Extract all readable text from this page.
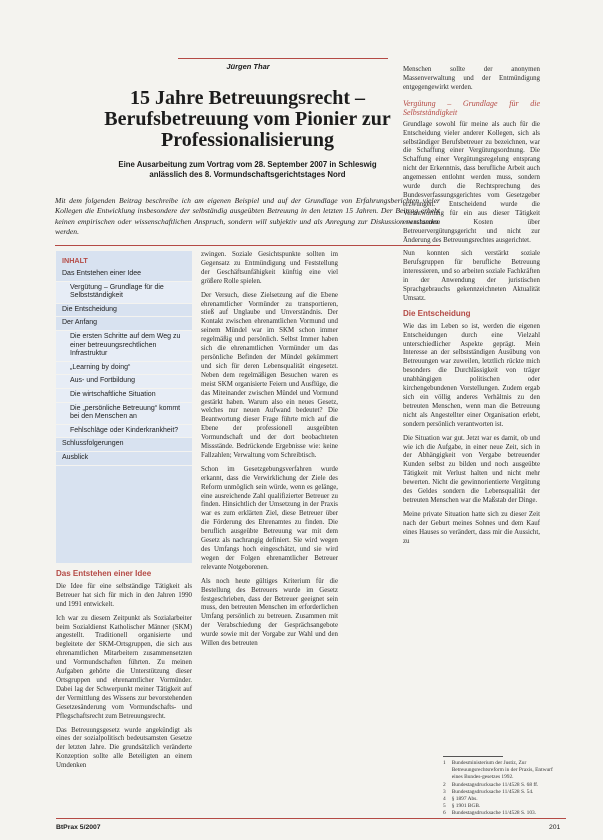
Jürgen Thar
15 Jahre Betreuungsrecht –
Berufsbetreuung vom Pionier zur
Professionalisierung
Eine Ausarbeitung zum Vortrag vom 28. September 2007 in Schleswig
anlässlich des 8. Vormundschaftsgerichtstages Nord
Mit dem folgenden Beitrag beschreibe ich am eigenen Beispiel und auf der Grundlage von Erfahrungsberichten vieler Kollegen die Entwicklung insbesondere der selbständig ausgeübten Betreuung in den letzten 15 Jahren. Der Beitrag erhebt keinen empirischen oder wissenschaftlichen Anspruch, sondern will subjektiv und als Anregung zur Diskussion verstanden werden.
INHALT
Das Entstehen einer Idee
Vergütung – Grundlage für die Selbstständigkeit
Die Entscheidung
Der Anfang
Die ersten Schritte auf dem Weg zu einer betreuungsrechtlichen Infrastruktur
„Learning by doing“
Aus- und Fortbildung
Die wirtschaftliche Situation
Die „persönliche Betreuung“ kommt bei den Menschen an
Fehlschläge oder Kinderkrankheit?
Schlussfolgerungen
Ausblick
Das Entstehen einer Idee

Die Idee für eine selbständige Tätigkeit als Betreuer hat sich für mich in den Jahren 1990 und 1991 entwickelt.

Ich war zu diesem Zeitpunkt als Sozialarbeiter beim Sozialdienst Katholischer Männer (SKM) angestellt. Traditionell organisierte und begleitete der SKM-Ortsgruppen, die sich aus ehrenamtlichen Mitarbeitern zusammensetzten und Vormundschaften führten. Zu meinen Aufgaben gehörte die Unterstützung dieser Ortsgruppen und ehrenamtlicher Vormünder. Dabei lag der Schwerpunkt meiner Tätigkeit auf der Vermittlung des Wissens zur bevorstehenden Gesetzesänderung vom Vormundschafts- und Pflegschaftsrecht zum Betreuungsrecht.

Das Betreuungsgesetz wurde angekündigt als eines der sozialpolitisch bedeutsamsten Gesetze der letzten Jahre. Die grundsätzlich veränderte Konzeption sollte alle Beteiligten an einem Umdenken

zwingen. Soziale Gesichtspunkte sollten im Gegensatz zu Entmündigung und Feststellung der Geschäftsunfähigkeit künftig eine viel größere Rolle spielen.

Der Versuch, diese Zielsetzung auf die Ebene ehrenamtlicher Vormünder zu transportieren, stieß auf Unglaube und Unverständnis. Der Kontakt zwischen ehrenamtlichen Vormund und seinem Mündel war im SKM schon immer regelmäßig und persönlich. Selbst Immer haben sich die ehrenamtlichen Vormünder um das persönliche Befinden der Mündel gekümmert und sich für deren Lebensqualität eingesetzt. Neben dem regelmäßigen Besuchen waren es meist SKM organisierte Feiern und Ausflüge, die das Miteinander zwischen Mündel und Vormund gestärkt haben. Warum also ein neues Gesetz, welches nur neuen Aufwand bedeutet? Die Beantwortung dieser Frage führte mich auf die Ebene der professionell ausgeübten Vormundschaft und der dort beobachteten Missstände. Bedrückende Ergebnisse wie: keine Fallzahlen; Verwaltung vom Schreibtisch.

Schon im Gesetzgebungsverfahren wurde erkannt, dass die Verwirklichung der Ziele des Reform unmöglich sein würde, wenn es gelänge, eine ausreichende Zahl qualifizierter Betreuer zu finden. Hinsichtlich der Umsetzung in der Praxis war es zum erklärten Ziel, diese Betreuer über die Förderung des Ehrenamtes zu finden. Die beruflich ausgeübte Betreuung war mit dem Gesetz als nachrangig definiert. Sie wird wegen des Umfangs hoch eingeschätzt, und sie wird wegen der Folgen ehrenamtlicher Betreuer relevante Notgeborenen.

Als noch heute gültiges Kriterium für die Bestellung des Betreuers wurde im Gesetz festgeschrieben, dass der Betreuer geeignet sein muss, den betreuten Menschen im erforderlichen Umfang persönlich zu betreuen. Zusammen mit der Verabschiedung der Gesprächsangebote wurde sowie mit der Vorgabe zur Wahl und den Willen des betreuten

Menschen sollte der anonymen Massenverwaltung und der Entmündigung entgegengewirkt werden.

Vergütung – Grundlage für die Selbstständigkeit

Grundlage sowohl für meine als auch für die Entscheidung vieler anderer Kollegen, sich als selbständiger Berufsbetreuer zu bezeichnen, war die Schaffung einer Vergütungsordnung. Die Schaffung einer Vergütungsregelung entsprang nicht der Erkenntnis, dass berufliche Arbeit auch angemessen entlohnt werden muss, sondern wurde durch die Rechtsprechung des Bundesverfassungsgerichtes vom Gesetzgeber erzwungen. Entscheidend wurde die Verantwortung für ein aus dieser Tätigkeit erwachsenen Kosten über Betreuervergütungsgericht und nicht zur Änderung des Betreuungsrechtes ausgerichtet.

Nun konnten sich verstärkt soziale Berufsgruppen für berufliche Betreuung interessieren, und so arbeiten soziale Fachkräften in der Anwendung der juristischen Sprachgebrauchs gekennzeichneten Aktualität Umsatz.

Die Entscheidung

Wie das im Leben so ist, werden die eigenen Entscheidungen durch eine Vielzahl unterschiedlicher Aspekte geprägt. Mein Interesse an der selbstständigen Ausübung von Betreuungen war zuweilen, letztlich rückte mich besonders die Durchlässigkeit von träger unabhängigen politischen oder kirchengebundenen Vorstellungen. Zudem ergab sich ein völlig anderes Verhältnis zu den betreuten Menschen, wenn man die Betreuung nicht als Angestellter einer Organisation erlebt, sondern persönlich verantworten ist.

Die Situation war gut. Jetzt war es damit, ob und wie ich die Aufgabe, in einer neue Zeit, sich in der Abhängigkeit von Vergabe betreuender Kunden selbst zu bilden und noch ausgeübte Tätigkeit mit Verlust halten und nicht mehr bewerten. Nicht die gewinnorientierte Vergütung des Geldes sondern die Lebensqualität der betreuten Menschen war die Maßstab der Dinge.

Meine private Situation hatte sich zu dieser Zeit nach der Geburt meines Sohnes und dem Kauf eines Hauses so verändert, dass mir die Aussicht, zu

1 Bundesministerium der Justiz, Zur Betreuungsrechtsreform in der Praxis, Entwurf eines Bundes-gesetzes 1992.
2 Bundestagsdrucksache 11/4528 S. 68 ff.
3 Bundestagsdrucksache 11/4528 S. 54.
4 § 1897 Abs.
5 § 1901 BGB.
6 Bundestagsdrucksache 11/4528 S. 103.
BtPrax 5/2007	201
